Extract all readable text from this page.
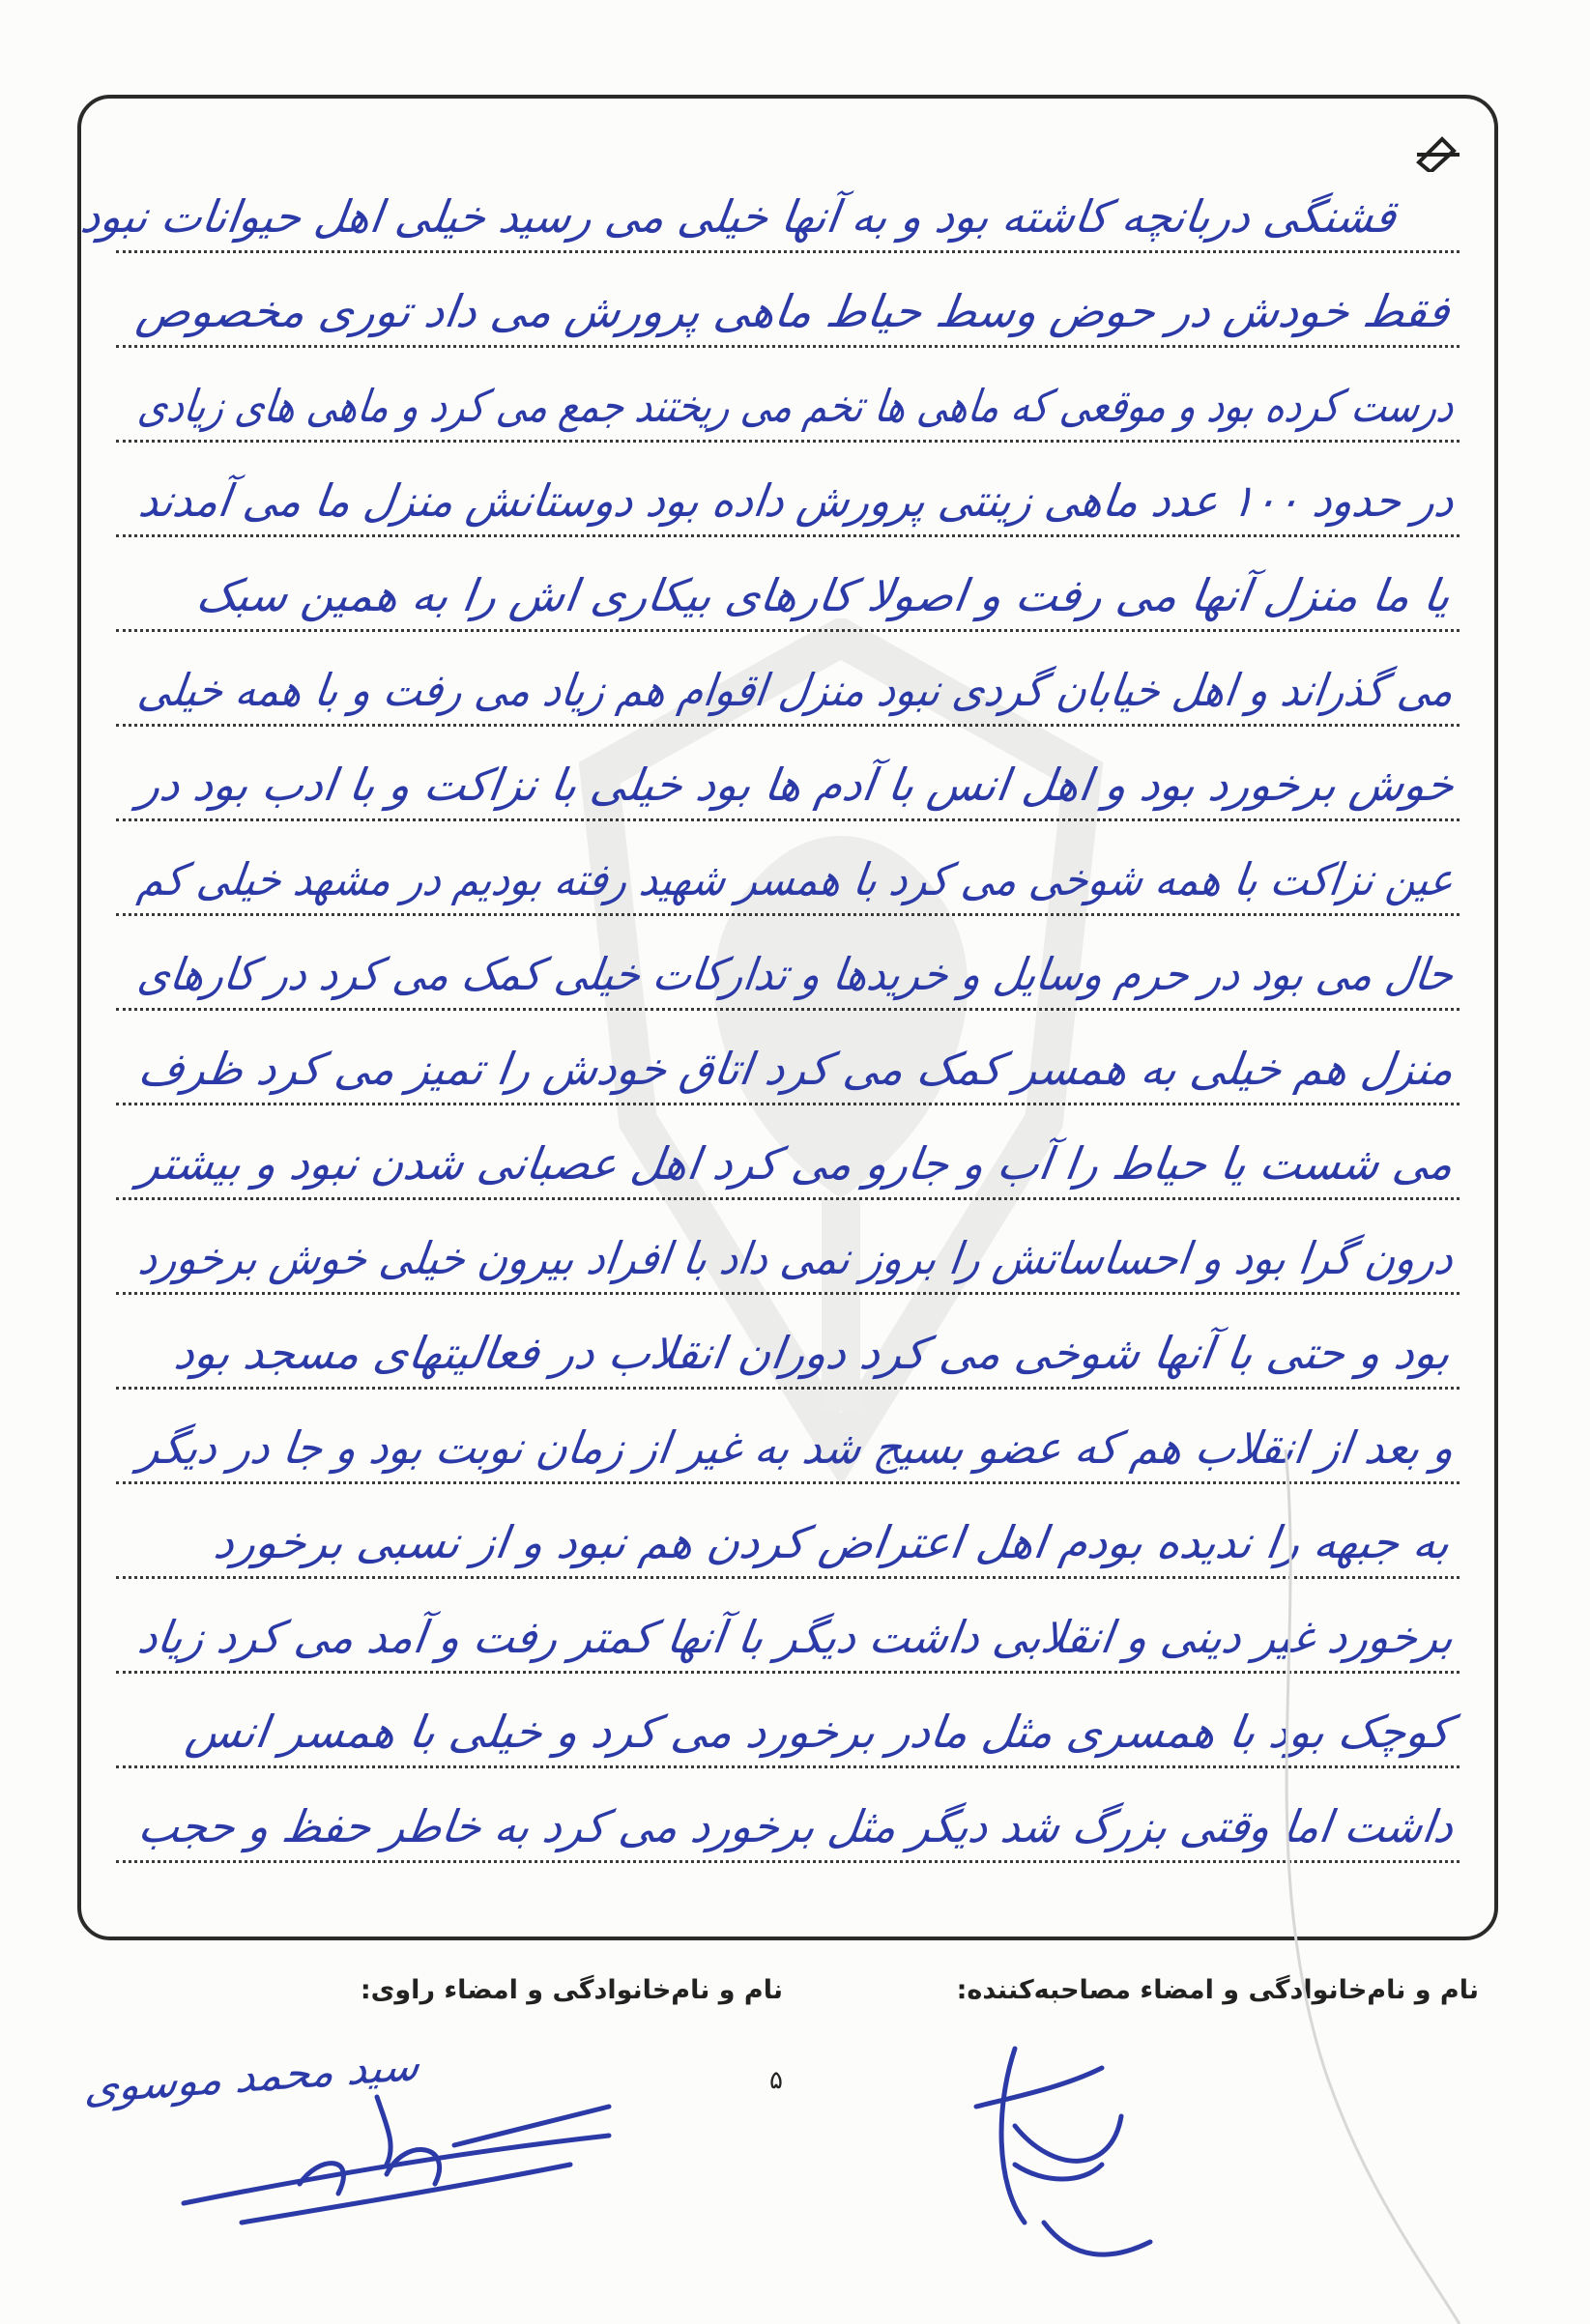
قشنگی دربانچه کاشته بود و به آنها خیلی می رسید خیلی اهل حیوانات نبود
فقط خودش در حوض وسط حیاط ماهی پرورش می داد توری مخصوص
درست کرده بود و موقعی که ماهی ها تخم می ریختند جمع می کرد و ماهی های زیادی
در حدود ۱۰۰ عدد ماهی زینتی پرورش داده بود دوستانش منزل ما می آمدند
یا ما منزل آنها می رفت و اصولا کارهای بیکاری اش را به همین سبک
می گذراند و اهل خیابان گردی نبود منزل اقوام هم زیاد می رفت و با همه خیلی
خوش برخورد بود و اهل انس با آدم ها بود خیلی با نزاکت و با ادب بود در
عین نزاکت با همه شوخی می کرد با همسر شهید رفته بودیم در مشهد خیلی کم
حال می بود در حرم وسایل و خریدها و تدارکات خیلی کمک می کرد در کارهای
منزل هم خیلی به همسر کمک می کرد اتاق خودش را تمیز می کرد ظرف
می شست یا حیاط را آب و جارو می کرد اهل عصبانی شدن نبود و بیشتر
درون گرا بود و احساساتش را بروز نمی داد با افراد بیرون خیلی خوش برخورد
بود و حتی با آنها شوخی می کرد دوران انقلاب در فعالیتهای مسجد بود
و بعد از انقلاب هم که عضو بسیج شد به غیر از زمان نوبت بود و جا در دیگر
به جبهه را ندیده بودم اهل اعتراض کردن هم نبود و از نسبی برخورد
برخورد غیر دینی و انقلابی داشت دیگر با آنها کمتر رفت و آمد می کرد زیاد
کوچک بود با همسری مثل مادر برخورد می کرد و خیلی با همسر انس
داشت اما وقتی بزرگ شد دیگر مثل برخورد می کرد به خاطر حفظ و حجب
نام و نام‌خانوادگی و امضاء مصاحبه‌کننده:
نام و نام‌خانوادگی و امضاء راوی:
۵
سید محمد موسوی
